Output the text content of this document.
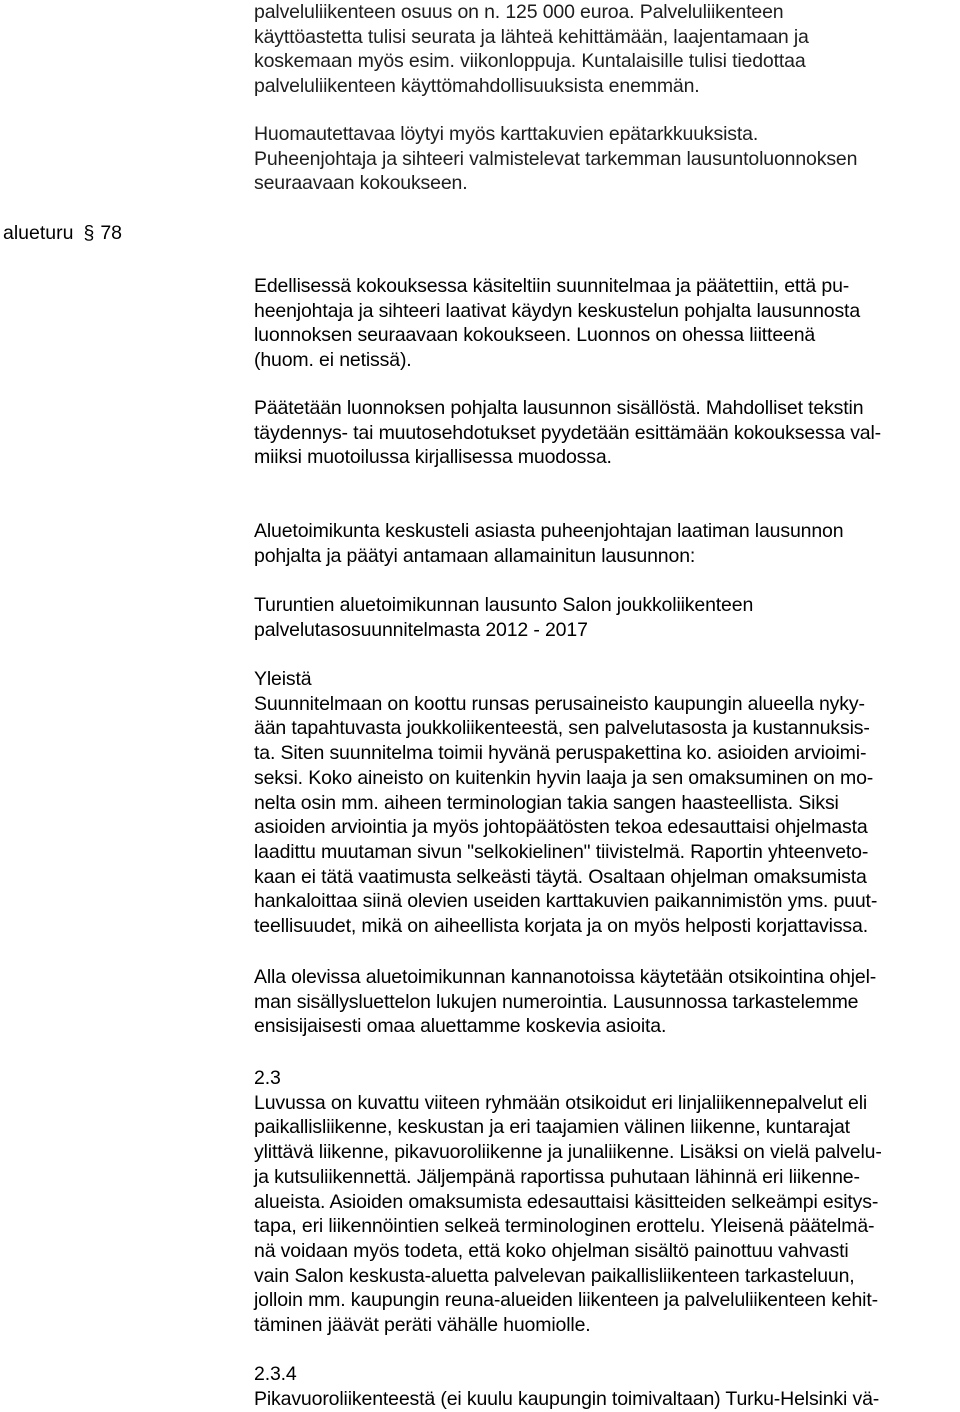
alueturu § 78
palveluliikenteen osuus on n. 125 000 euroa. Palveluliikenteen
käyttöastetta tulisi seurata ja lähteä kehittämään, laajentamaan ja
koskemaan myös esim. viikonloppuja. Kuntalaisille tulisi tiedottaa
palveluliikenteen käyttömahdollisuuksista enemmän.
Huomautettavaa löytyi myös karttakuvien epätarkkuuksista.
Puheenjohtaja ja sihteeri valmistelevat tarkemman lausuntoluonnoksen
seuraavaan kokoukseen.
Edellisessä kokouksessa käsiteltiin suunnitelmaa ja päätettiin, että pu-
heenjohtaja ja sihteeri laativat käydyn keskustelun pohjalta lausunnosta
luonnoksen seuraavaan kokoukseen. Luonnos on ohessa liitteenä
(huom. ei netissä).
Päätetään luonnoksen pohjalta lausunnon sisällöstä. Mahdolliset tekstin
täydennys- tai muutosehdotukset pyydetään esittämään kokouksessa val-
miiksi muotoilussa kirjallisessa muodossa.
Aluetoimikunta keskusteli asiasta puheenjohtajan laatiman lausunnon
pohjalta ja päätyi antamaan allamainitun lausunnon:
Turuntien aluetoimikunnan lausunto Salon joukkoliikenteen
palvelutasosuunnitelmasta 2012 - 2017
Yleistä
Suunnitelmaan on koottu runsas perusaineisto kaupungin alueella nyky-
ään tapahtuvasta joukkoliikenteestä, sen palvelutasosta ja kustannuksis-
ta. Siten suunnitelma toimii hyvänä peruspakettina ko. asioiden arvioimi-
seksi. Koko aineisto on kuitenkin hyvin laaja ja sen omaksuminen on mo-
nelta osin mm. aiheen terminologian takia sangen haasteellista. Siksi
asioiden arviointia ja myös johtopäätösten tekoa edesauttaisi ohjelmasta
laadittu muutaman sivun "selkokielinen" tiivistelmä. Raportin yhteenveto-
kaan ei tätä vaatimusta selkeästi täytä. Osaltaan ohjelman omaksumista
hankaloittaa siinä olevien useiden karttakuvien paikannimistön yms. puut-
teellisuudet, mikä on aiheellista korjata ja on myös helposti korjattavissa.
Alla olevissa aluetoimikunnan kannanotoissa käytetään otsikointina ohjel-
man sisällysluettelon lukujen numerointia. Lausunnossa tarkastelemme
ensisijaisesti omaa aluettamme koskevia asioita.
2.3
Luvussa on kuvattu viiteen ryhmään otsikoidut eri linjaliikennepalvelut eli
paikallisliikenne, keskustan ja eri taajamien välinen liikenne, kuntarajat
ylittävä liikenne, pikavuoroliikenne ja junaliikenne. Lisäksi on vielä palvelu-
ja kutsuliikennettä. Jäljempänä raportissa puhutaan lähinnä eri liikenne-
alueista. Asioiden omaksumista edesauttaisi käsitteiden selkeämpi esitys-
tapa, eri liikennöintien selkeä terminologinen erottelu. Yleisenä päätelmä-
nä voidaan myös todeta, että koko ohjelman sisältö painottuu vahvasti
vain Salon keskusta-aluetta palvelevan paikallisliikenteen tarkasteluun,
jolloin mm. kaupungin reuna-alueiden liikenteen ja palveluliikenteen kehit-
täminen jäävät peräti vähälle huomiolle.
2.3.4
Pikavuoroliikenteestä (ei kuulu kaupungin toimivaltaan) Turku-Helsinki vä-
